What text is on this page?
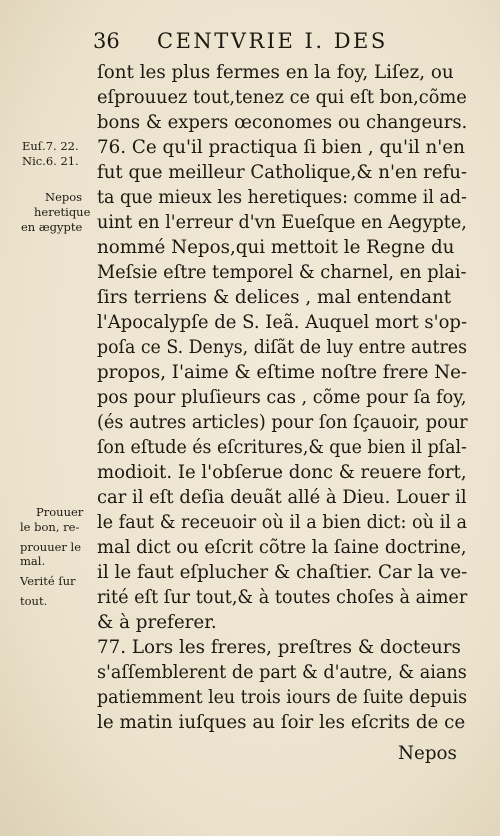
36 CENTVRIE I. DES
ſont les plus fermes en la foy, Liſez, ou
eſprouuez tout,tenez ce qui eſt bon,cõme
bons & expers œconomes ou changeurs.
76. Ce qu'il practiqua ſi bien , qu'il n'en
fut que meilleur Catholique,& n'en refu-
ta que mieux les heretiques: comme il ad-
uint en l'erreur d'vn Eueſque en Aegypte,
nommé Nepos,qui mettoit le Regne du
Meſsie eſtre temporel & charnel, en plai-
ſirs terriens & delices , mal entendant
l'Apocalypſe de S. Ieã. Auquel mort s'op-
poſa ce S. Denys, diſãt de luy entre autres
propos, I'aime & eſtime noſtre frere Ne-
pos pour pluſieurs cas , cõme pour ſa foy,
(és autres articles) pour ſon ſçauoir, pour
ſon eſtude és eſcritures,& que bien il pſal-
modioit. Ie l'obſerue donc & reuere fort,
car il eſt deſia deuãt allé à Dieu. Louer il
le faut & receuoir où il a bien dict: où il a
mal dict ou eſcrit cõtre la ſaine doctrine,
il le faut eſplucher & chaſtier. Car la ve-
rité eſt ſur tout,& à toutes choſes à aimer
& à preferer.
77. Lors les freres, preſtres & docteurs
s'aſſemblerent de part & d'autre, & aians
patiemment leu trois iours de ſuite depuis
le matin iuſques au ſoir les eſcrits de ce
Nepos
Euſ.7. 22.
Nic.6. 21.
Nepos
heretique
en ægypte
Prouuer
le bon, re-
prouuer le
mal.
Verité ſur
tout.
